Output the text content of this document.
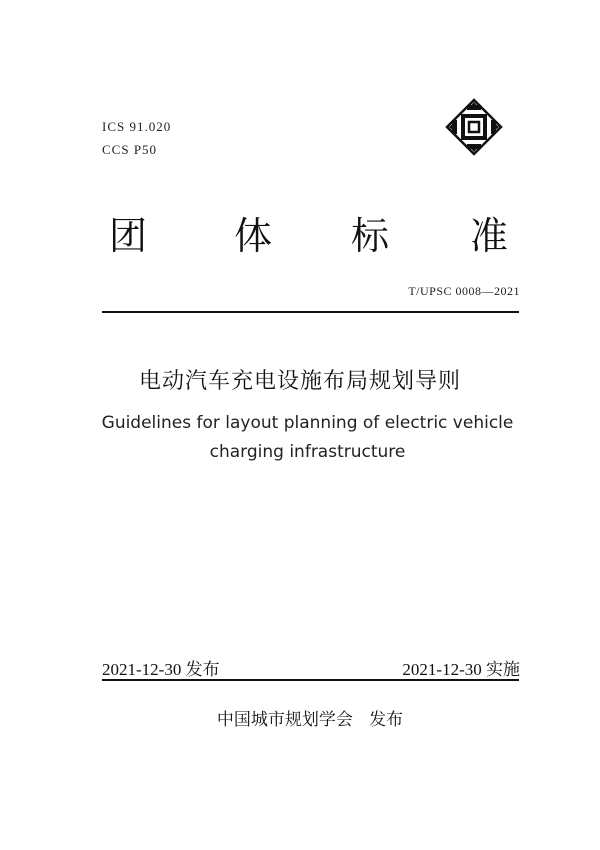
ICS 91.020
CCS P50
团 体 标 准
T/UPSC 0008—2021
电动汽车充电设施布局规划导则
Guidelines for layout planning of electric vehicle
charging infrastructure
2021-12-30 发布	2021-12-30 实施
中国城市规划学会   发布
